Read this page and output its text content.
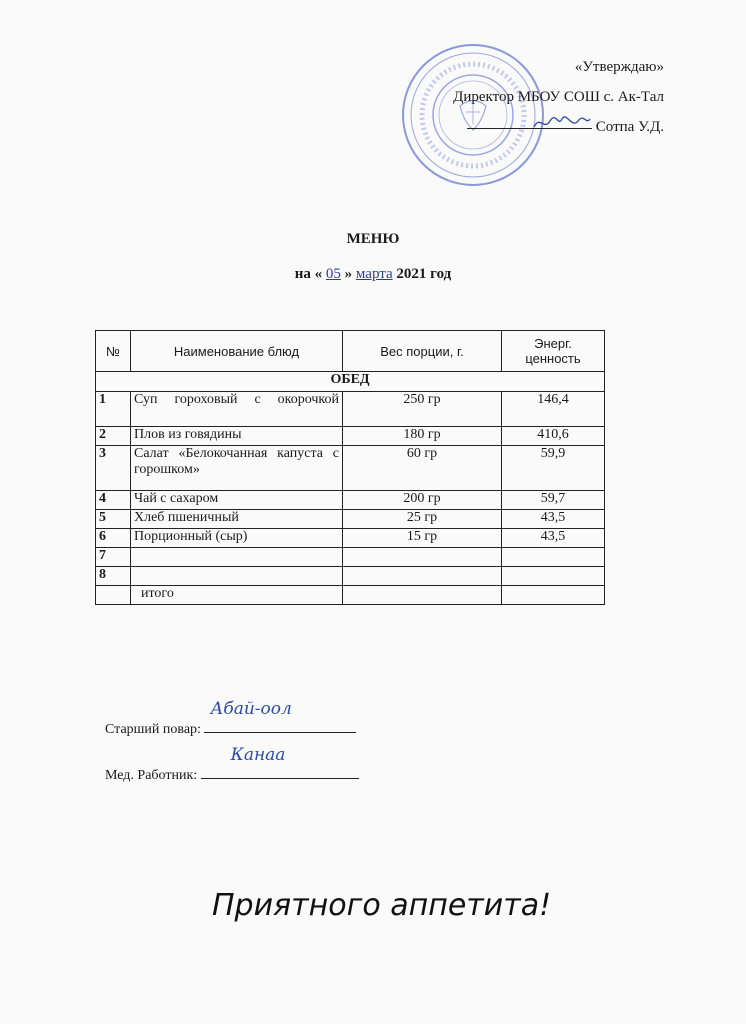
«Утверждаю»
Директор МБОУ СОШ с. Ак-Тал
Сотпа У.Д.
МЕНЮ
на « 05 » марта 2021 год
№	Наименование блюд	Вес порции, г.	Энерг. ценность
ОБЕД			
1	Суп гороховый с окорочкой	250 гр	146,4
2	Плов из говядины	180 гр	410,6
3	Салат «Белокочанная капуста с горошком»	60 гр	59,9
4	Чай с сахаром	200 гр	59,7
5	Хлеб пшеничный	25 гр	43,5
6	Порционный (сыр)	15 гр	43,5
7			
8			
	итого		
Старший повар:
Абай-оол
Мед. Работник:
Канаа
Приятного аппетита!
